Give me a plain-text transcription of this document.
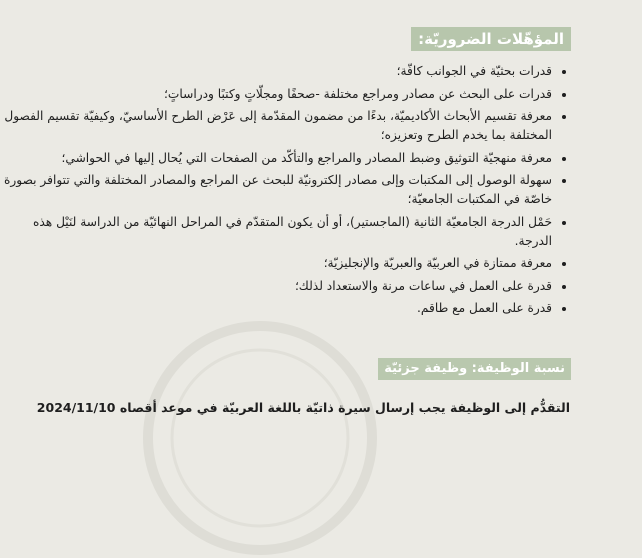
المؤهّلات الضروريّة:
• قدرات بحثيّة في الجوانب كافّة؛
• قدرات على البحث عن مصادر ومراجع مختلفة -صحفًا ومجلّاتٍ وكتبًا ودراساتٍ؛
• معرفة تقسيم الأبحاث الأكاديميّة، بدءًا من مضمون المقدّمة إلى عَرْض الطرح الأساسيّ، وكيفيّة تقسيم الفصول المختلفة بما يخدم الطرح وتعزيزه؛
• معرفة منهجيّة التوثيق وضبط المصادر والمراجع والتأكّد من الصفحات التي يُحال إليها في الحواشي؛
• سهولة الوصول إلى المكتبات وإلى مصادر إلكترونيّة للبحث عن المراجع والمصادر المختلفة والتي تتوافر بصورة خاصّة في المكتبات الجامعيّة؛
• حَمْل الدرجة الجامعيّة الثانية (الماجستير)، أو أن يكون المتقدّم في المراحل النهائيّة من الدراسة لنَيْل هذه الدرجة.
• معرفة ممتازة في العربيّة والعبريّة والإنجليزيّة؛
• قدرة على العمل في ساعات مرنة والاستعداد لذلك؛
• قدرة على العمل مع طاقم.
نسبة الوظيفة: وظيفة جزئيّة
التقدُّم إلى الوظيفة يجب إرسال سيرة ذاتيّة باللغة العربيّة في موعد أقصاه 2024/11/10
